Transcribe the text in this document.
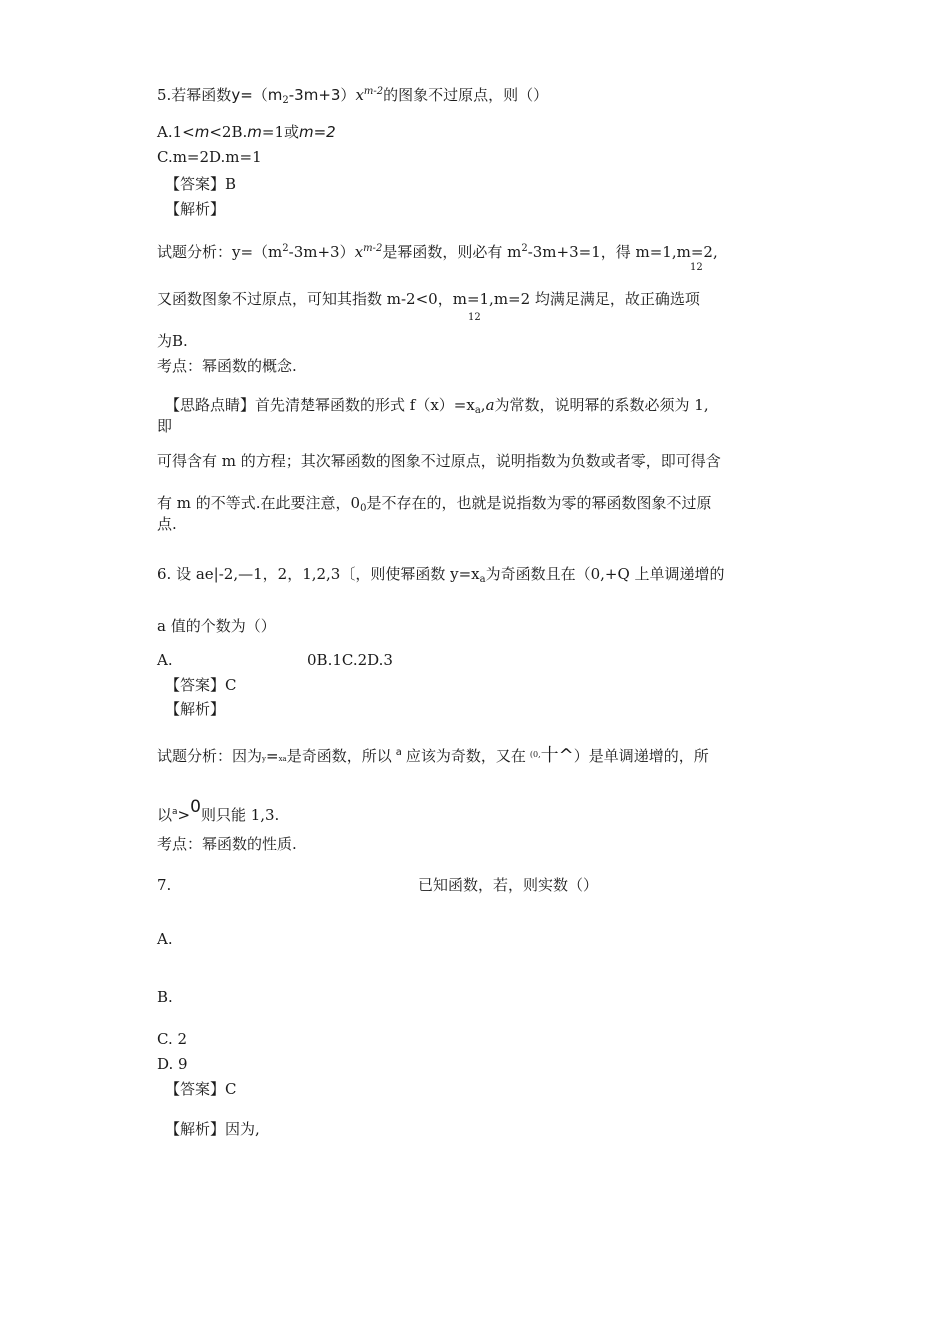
5.若幂函数$y=(m_2-3m+3)x^{m-2}$的图象不过原点，则（）
A.1<m<2B.m=1或m=2
C.m=2D.m=1
【答案】B
【解析】
试题分析：$y=(m^2-3m+3)x^{m-2}$是幂函数，则必有 $m^2-3m+3=1$，得 m=1,m=2,
12
又函数图象不过原点，可知其指数 m-2<0，m=1,m=2 均满足满足，故正确选项
12
为B.
考点：幂函数的概念.
【思路点睛】首先清楚幂函数的形式 $f(x)=x_a,a$为常数，说明幂的系数必须为 1,
即
可得含有 m 的方程；其次幂函数的图象不过原点，说明指数为负数或者零，即可得含
有 m 的不等式.在此要注意，$0_0$是不存在的，也就是说指数为零的幂函数图象不过原
点.
6. 设 ae|-2,—1，2，1,2,3〔，则使幂函数 $y=x_a$为奇函数且在（0,+Q 上单调递增的
a 值的个数为（）
A.	0B.1C.2D.3
【答案】C
【解析】
试题分析：因为y=xa是奇函数，所以 $^a$ 应该为奇数，又在 $^{(0,}$十^）是单调递增的，所
以$^a$>0则只能 1,3.
考点：幂函数的性质.
7.	已知函数，若，则实数（）
A.
B.
C. 2
D. 9
【答案】C
【解析】因为,
